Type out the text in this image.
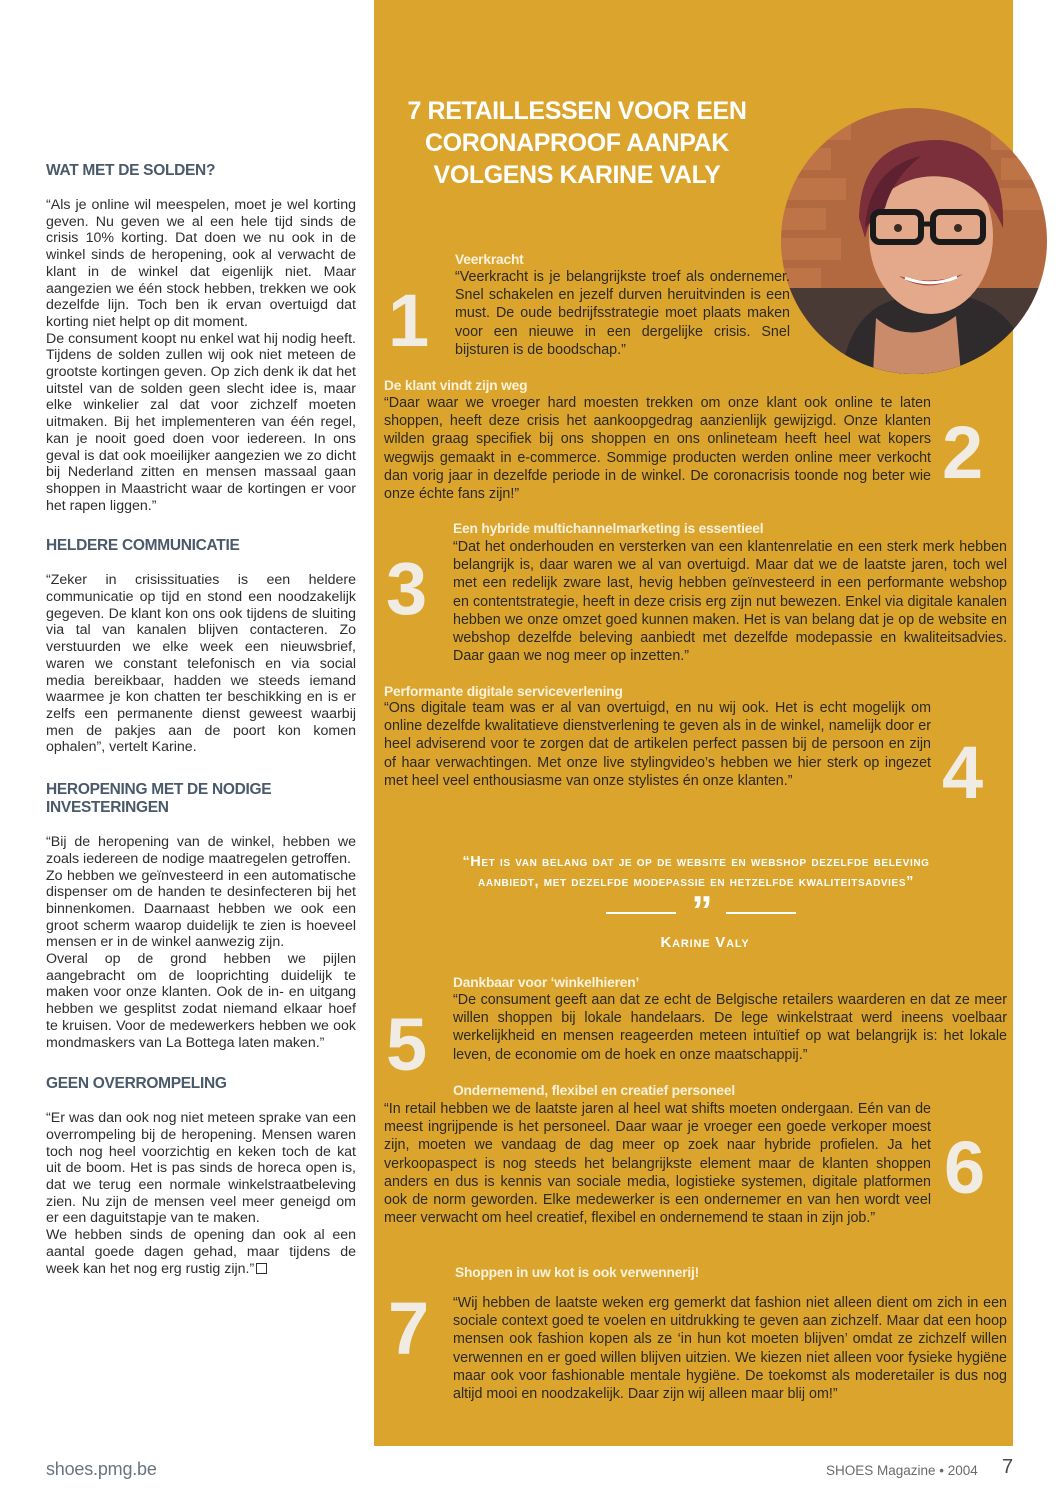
WAT MET DE SOLDEN?

“Als je online wil meespelen, moet je wel korting geven. Nu geven we al een hele tijd sinds de crisis 10% korting. Dat doen we nu ook in de winkel sinds de heropening, ook al verwacht de klant in de winkel dat eigenlijk niet. Maar aangezien we één stock hebben, trekken we ook dezelfde lijn. Toch ben ik ervan overtuigd dat korting niet helpt op dit moment.

De consument koopt nu enkel wat hij nodig heeft. Tijdens de solden zullen wij ook niet meteen de grootste kortingen geven. Op zich denk ik dat het uitstel van de solden geen slecht idee is, maar elke winkelier zal dat voor zichzelf moeten uitmaken. Bij het implementeren van één regel, kan je nooit goed doen voor iedereen. In ons geval is dat ook moeilijker aangezien we zo dicht bij Nederland zitten en mensen massaal gaan shoppen in Maastricht waar de kortingen er voor het rapen liggen.”

HELDERE COMMUNICATIE

“Zeker in crisissituaties is een heldere communicatie op tijd en stond een noodzakelijk gegeven. De klant kon ons ook tijdens de sluiting via tal van kanalen blijven contacteren. Zo verstuurden we elke week een nieuwsbrief, waren we constant telefonisch en via social media bereikbaar, hadden we steeds iemand waarmee je kon chatten ter beschikking en is er zelfs een permanente dienst geweest waarbij men de pakjes aan de poort kon komen ophalen”, vertelt Karine.

HEROPENING MET DE NODIGE INVESTERINGEN

“Bij de heropening van de winkel, hebben we zoals iedereen de nodige maatregelen getroffen.

Zo hebben we geïnvesteerd in een automatische dispenser om de handen te desinfecteren bij het binnenkomen. Daarnaast hebben we ook een groot scherm waarop duidelijk te zien is hoeveel mensen er in de winkel aanwezig zijn.

Overal op de grond hebben we pijlen aangebracht om de looprichting duidelijk te maken voor onze klanten. Ook de in- en uitgang hebben we gesplitst zodat niemand elkaar hoef te kruisen. Voor de medewerkers hebben we ook mondmaskers van La Bottega laten maken.”

GEEN OVERROMPELING

“Er was dan ook nog niet meteen sprake van een overrompeling bij de heropening. Mensen waren toch nog heel voorzichtig en keken toch de kat uit de boom. Het is pas sinds de horeca open is, dat we terug een normale winkelstraatbeleving zien. Nu zijn de mensen veel meer geneigd om er een daguitstapje van te maken.

We hebben sinds de opening dan ook al een aantal goede dagen gehad, maar tijdens de week kan het nog erg rustig zijn.”

7 RETAILLESSEN VOOR EEN
CORONAPROOF AANPAK
VOLGENS KARINE VALY
1
Veerkracht

“Veerkracht is je belangrijkste troef als ondernemer. Snel schakelen en jezelf durven heruitvinden is een must. De oude bedrijfsstrategie moet plaats maken voor een nieuwe in een dergelijke crisis. Snel bijsturen is de boodschap.”

De klant vindt zijn weg

“Daar waar we vroeger hard moesten trekken om onze klant ook online te laten shoppen, heeft deze crisis het aankoopgedrag aanzienlijk gewijzigd. Onze klanten wilden graag specifiek bij ons shoppen en ons onlineteam heeft heel wat kopers wegwijs gemaakt in e-commerce. Sommige producten werden online meer verkocht dan vorig jaar in dezelfde periode in de winkel. De coronacrisis toonde nog beter wie onze échte fans zijn!”

2
3
Een hybride multichannelmarketing is essentieel

“Dat het onderhouden en versterken van een klantenrelatie en een sterk merk hebben belangrijk is, daar waren we al van overtuigd. Maar dat we de laatste jaren, toch wel met een redelijk zware last, hevig hebben geïnvesteerd in een performante webshop en contentstrategie, heeft in deze crisis erg zijn nut bewezen. Enkel via digitale kanalen hebben we onze omzet goed kunnen maken. Het is van belang dat je op de website en webshop dezelfde beleving aanbiedt met dezelfde modepassie en kwaliteitsadvies. Daar gaan we nog meer op inzetten.”

Performante digitale serviceverlening

“Ons digitale team was er al van overtuigd, en nu wij ook. Het is echt mogelijk om online dezelfde kwalitatieve dienstverlening te geven als in de winkel, namelijk door er heel adviserend voor te zorgen dat de artikelen perfect passen bij de persoon en zijn of haar verwachtingen. Met onze live stylingvideo’s hebben we hier sterk op ingezet met heel veel enthousiasme van onze stylistes én onze klanten.”	4
“Het is van belang dat je op de website en webshop dezelfde beleving
aanbiedt, met dezelfde modepassie en hetzelfde kwaliteitsadvies”
”
Karine Valy
5
Dankbaar voor ‘winkelhieren’

“De consument geeft aan dat ze echt de Belgische retailers waarderen en dat ze meer willen shoppen bij lokale handelaars. De lege winkelstraat werd ineens voelbaar werkelijkheid en mensen reageerden meteen intuïtief op wat belangrijk is: het lokale leven, de economie om de hoek en onze maatschappij.”

Ondernemend, flexibel en creatief personeel

“In retail hebben we de laatste jaren al heel wat shifts moeten ondergaan. Eén van de meest ingrijpende is het personeel. Daar waar je vroeger een goede verkoper moest zijn, moeten we vandaag de dag meer op zoek naar hybride profielen. Ja het verkoopaspect is nog steeds het belangrijkste element maar de klanten shoppen anders en dus is kennis van sociale media, logistieke systemen, digitale platformen ook de norm geworden. Elke medewerker is een ondernemer en van hen wordt veel meer verwacht om heel creatief, flexibel en ondernemend te staan in zijn job.”

6
7
Shoppen in uw kot is ook verwennerij!

“Wij hebben de laatste weken erg gemerkt dat fashion niet alleen dient om zich in een sociale context goed te voelen en uitdrukking te geven aan zichzelf. Maar dat een hoop mensen ook fashion kopen als ze ‘in hun kot moeten blijven’ omdat ze zichzelf willen verwennen en er goed willen blijven uitzien. We kiezen niet alleen voor fysieke hygiëne maar ook voor fashionable mentale hygiëne. De toekomst als moderetailer is dus nog altijd mooi en noodzakelijk. Daar zijn wij alleen maar blij om!”

shoes.pmg.be	SHOES Magazine • 2004 7
